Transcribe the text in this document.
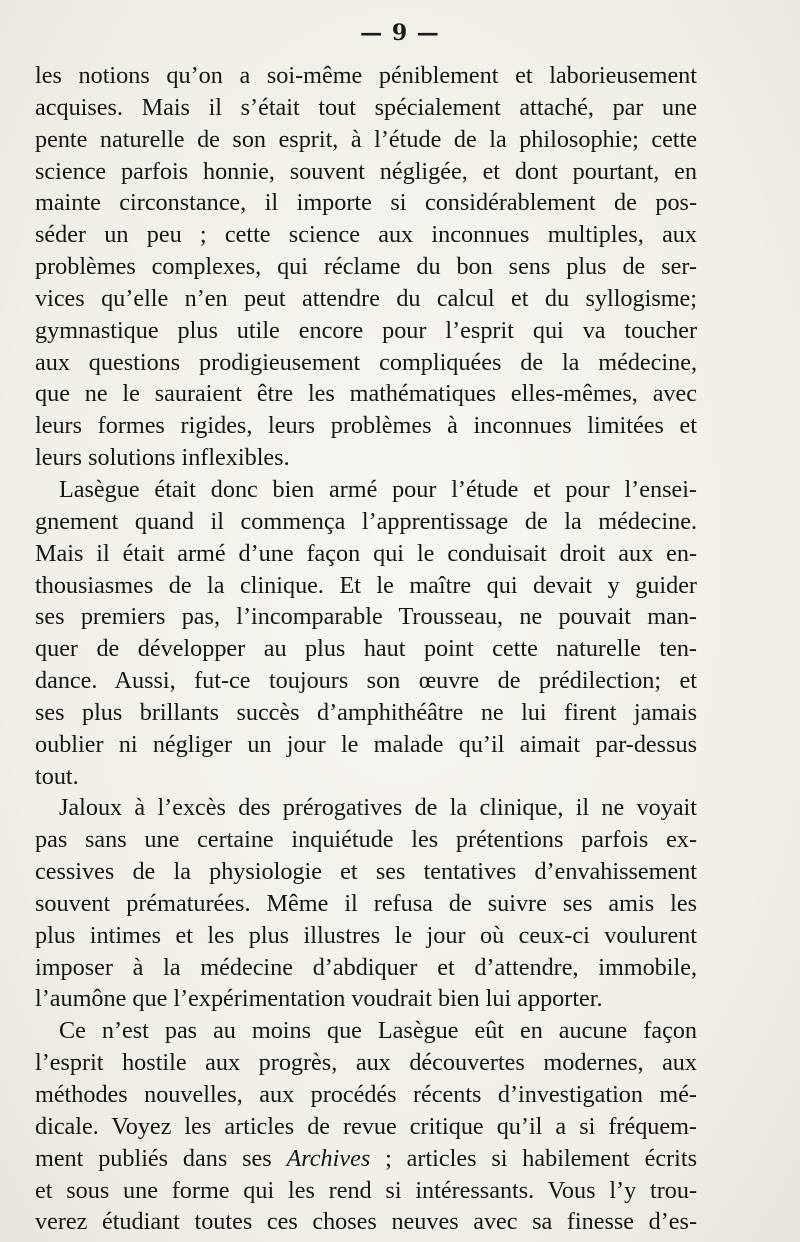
— 9 —
les notions qu’on a soi-même péniblement et laborieusement
acquises. Mais il s’était tout spécialement attaché, par une
pente naturelle de son esprit, à l’étude de la philosophie; cette
science parfois honnie, souvent négligée, et dont pourtant, en
mainte circonstance, il importe si considérablement de pos-
séder un peu ; cette science aux inconnues multiples, aux
problèmes complexes, qui réclame du bon sens plus de ser-
vices qu’elle n’en peut attendre du calcul et du syllogisme;
gymnastique plus utile encore pour l’esprit qui va toucher
aux questions prodigieusement compliquées de la médecine,
que ne le sauraient être les mathématiques elles-mêmes, avec
leurs formes rigides, leurs problèmes à inconnues limitées et
leurs solutions inflexibles.
Lasègue était donc bien armé pour l’étude et pour l’ensei-
gnement quand il commença l’apprentissage de la médecine.
Mais il était armé d’une façon qui le conduisait droit aux en-
thousiasmes de la clinique. Et le maître qui devait y guider
ses premiers pas, l’incomparable Trousseau, ne pouvait man-
quer de développer au plus haut point cette naturelle ten-
dance. Aussi, fut-ce toujours son œuvre de prédilection; et
ses plus brillants succès d’amphithéâtre ne lui firent jamais
oublier ni négliger un jour le malade qu’il aimait par-dessus
tout.
Jaloux à l’excès des prérogatives de la clinique, il ne voyait
pas sans une certaine inquiétude les prétentions parfois ex-
cessives de la physiologie et ses tentatives d’envahissement
souvent prématurées. Même il refusa de suivre ses amis les
plus intimes et les plus illustres le jour où ceux-ci voulurent
imposer à la médecine d’abdiquer et d’attendre, immobile,
l’aumône que l’expérimentation voudrait bien lui apporter.
Ce n’est pas au moins que Lasègue eût en aucune façon
l’esprit hostile aux progrès, aux découvertes modernes, aux
méthodes nouvelles, aux procédés récents d’investigation mé-
dicale. Voyez les articles de revue critique qu’il a si fréquem-
ment publiés dans ses Archives ; articles si habilement écrits
et sous une forme qui les rend si intéressants. Vous l’y trou-
verez étudiant toutes ces choses neuves avec sa finesse d’es-
